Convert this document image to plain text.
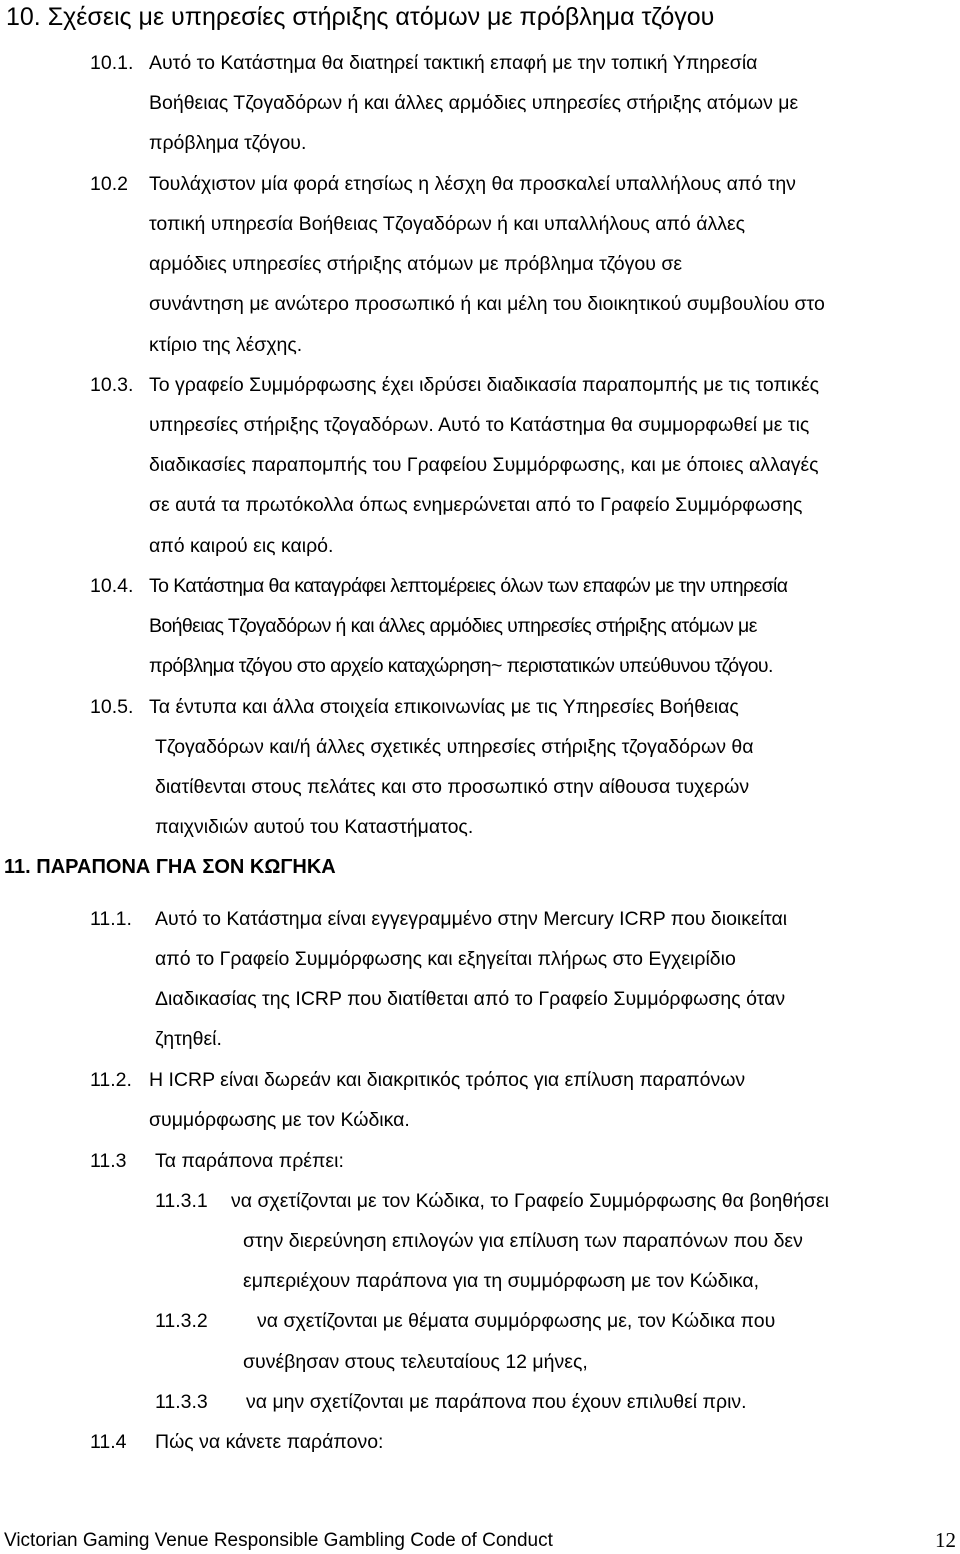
10. Σχέσεις με υπηρεσίες στήριξης ατόμων με πρόβλημα τζόγου
10.1. Αυτό το Κατάστημα θα διατηρεί τακτική επαφή με την τοπική Υπηρεσία
Βοήθειας Τζογαδόρων ή και άλλες αρμόδιες υπηρεσίες στήριξης ατόμων με
πρόβλημα τζόγου.
10.2 Τουλάχιστον μία φορά ετησίως η λέσχη θα προσκαλεί υπαλλήλους από την
τοπική υπηρεσία Βοήθειας Τζογαδόρων ή και υπαλλήλους από άλλες
αρμόδιες υπηρεσίες στήριξης ατόμων με πρόβλημα τζόγου σε
συνάντηση με ανώτερο προσωπικό ή και μέλη του διοικητικού συμβουλίου στο
κτίριο της λέσχης.
10.3. Το γραφείο Συμμόρφωσης έχει ιδρύσει διαδικασία παραπομπής με τις τοπικές
υπηρεσίες στήριξης τζογαδόρων. Αυτό το Κατάστημα θα συμμορφωθεί με τις
διαδικασίες παραπομπής του Γραφείου Συμμόρφωσης, και με όποιες αλλαγές
σε αυτά τα πρωτόκολλα όπως ενημερώνεται από το Γραφείο Συμμόρφωσης
από καιρού εις καιρό.
10.4. Το Κατάστημα θα καταγράφει λεπτομέρειες όλων των επαφών με την υπηρεσία
Βοήθειας Τζογαδόρων ή και άλλες αρμόδιες υπηρεσίες στήριξης ατόμων με
πρόβλημα τζόγου στο αρχείο καταχώρηση~ περιστατικών υπεύθυνου τζόγου.
10.5. Τα έντυπα και άλλα στοιχεία επικοινωνίας με τις Υπηρεσίες Βοήθειας
Τζογαδόρων και/ή άλλες σχετικές υπηρεσίες στήριξης τζογαδόρων θα
διατίθενται στους πελάτες και στο προσωπικό στην αίθουσα τυχερών
παιχνιδιών αυτού του Καταστήματος.
11. ΠΑΡΑΠΟΝΑ ΓΗΑ ΣΟΝ ΚΩΓΗΚΑ
11.1. Αυτό το Κατάστημα είναι εγγεγραμμένο στην Mercury ICRP που διοικείται
από το Γραφείο Συμμόρφωσης και εξηγείται πλήρως στο Εγχειρίδιο
Διαδικασίας της ICRP που διατίθεται από το Γραφείο Συμμόρφωσης όταν
ζητηθεί.
11.2. Η ICRP είναι δωρεάν και διακριτικός τρόπος για επίλυση παραπόνων
συμμόρφωσης με τον Κώδικα.
11.3 Τα παράπονα πρέπει:
11.3.1 να σχετίζονται με τον Κώδικα, το Γραφείο Συμμόρφωσης θα βοηθήσει
στην διερεύνηση επιλογών για επίλυση των παραπόνων που δεν
εμπεριέχουν παράπονα για τη συμμόρφωση με τον Κώδικα,
11.3.2	να σχετίζονται με θέματα συμμόρφωσης με, τον Κώδικα που
συνέβησαν στους τελευταίους 12 μήνες,
11.3.3 να μην σχετίζονται με παράπονα που έχουν επιλυθεί πριν.
11.4 Πώς να κάνετε παράπονο:
Victorian Gaming Venue Responsible Gambling Code of Conduct	12
